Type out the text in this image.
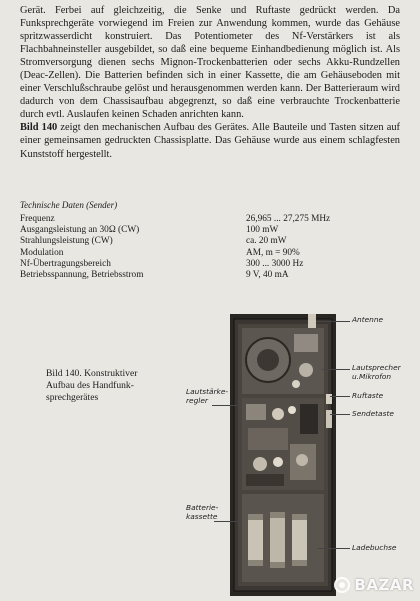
Gerät. Ferbei auf gleichzeitig, die Senke und Ruftaste gedrückt werden. Da Funksprechgeräte vorwiegend im Freien zur Anwendung kommen, wurde das Gehäuse spritzwasserdicht konstruiert. Das Potentiometer des Nf-Verstärkers ist als Flachbahneinsteller ausgebildet, so daß eine bequeme Einhandbedienung möglich ist. Als Stromversorgung dienen sechs Mignon-Trockenbatterien oder sechs Akku-Rundzellen (Deac-Zellen). Die Batterien befinden sich in einer Kassette, die am Gehäuseboden mit einer Verschlußschraube gelöst und herausgenommen werden kann. Der Batterieraum wird dadurch von dem Chassisaufbau abgegrenzt, so daß eine verbrauchte Trockenbatterie durch evtl. Auslaufen keinen Schaden anrichten kann.

Bild 140 zeigt den mechanischen Aufbau des Gerätes. Alle Bauteile und Tasten sitzen auf einer gemeinsamen gedruckten Chassisplatte. Das Gehäuse wurde aus einem schlagfesten Kunststoff hergestellt.

Technische Daten (Sender)

Frequenz	26,965 ... 27,275 MHz
Ausgangsleistung an 30Ω (CW)	100 mW
Strahlungsleistung (CW)	ca. 20 mW
Modulation	AM, m = 90%
Nf-Übertragungsbereich	300 ... 3000 Hz
Betriebsspannung, Betriebsstrom	9 V, 40 mA

Bild 140. Konstruktiver Aufbau des Handfunk-sprechgerätes

Antenne
Lautsprecher u.Mikrofon
Ruftaste
Sendetaste
Lautstärke-regler
Batterie-kassette
Ladebuchse
BAZAR
